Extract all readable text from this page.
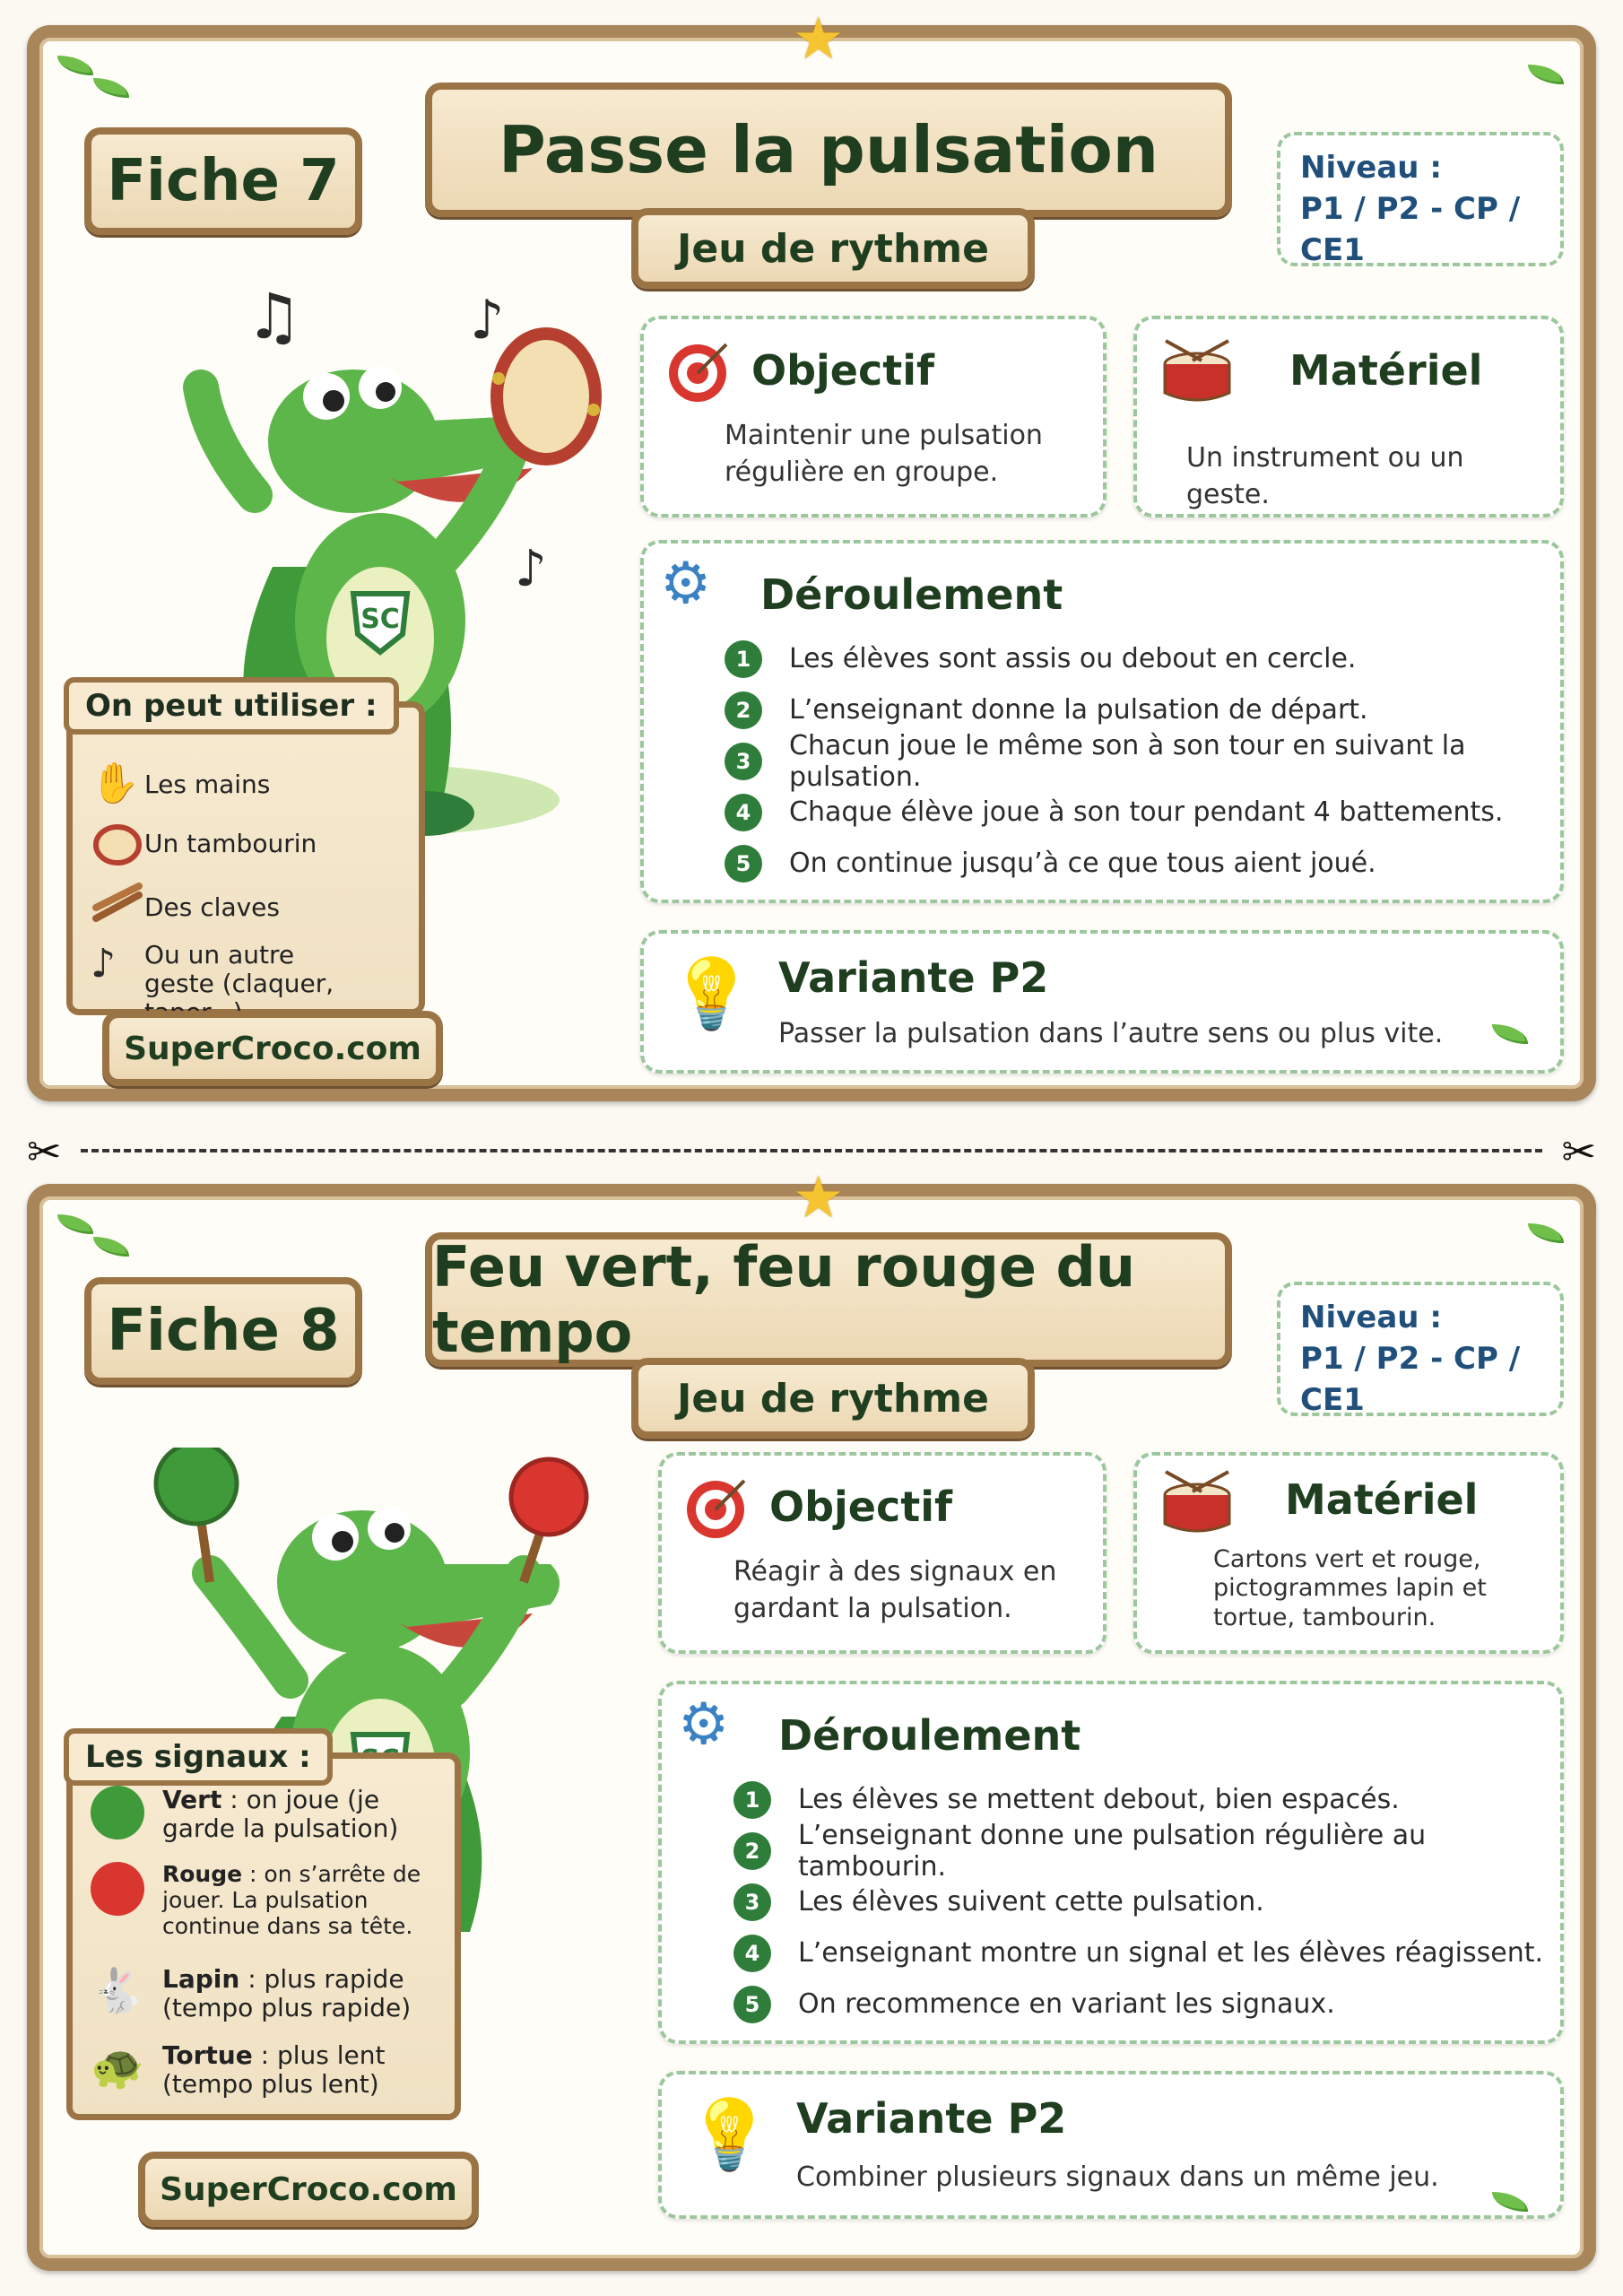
★
Fiche 7	Passe la pulsation
Jeu de rythme
Niveau :
P1 / P2 - CP / CE1
SC
♫	♪
♪
On peut utiliser :
✋ Les mains
Un tambourin
Des claves
♪	Ou un autre geste (claquer,
SuperCroco.com
Objectif
Maintenir une pulsation régulière en groupe.
Matériel
Un instrument ou un geste.
⚙ Déroulement
1	Les élèves sont assis ou debout en cercle.
2	L’enseignant donne la pulsation de départ.
3	Chacun joue le même son à son tour en suivant la pulsation.
4	Chaque élève joue à son tour pendant 4 battements.
5	On continue jusqu’à ce que tous aient joué.
💡 Variante P2
Passer la pulsation dans l’autre sens ou plus vite.
✂	✂
★
Fiche 8
Feu vert, feu rouge du tempo
Jeu de rythme
Niveau :
P1 / P2 - CP / CE1
Les signaux :
Vert : on joue (je garde la pulsation)
Rouge : on s’arrête de jouer. La pulsation continue dans sa tête.
🐇 Lapin : plus rapide (tempo plus rapide)
🐢 Tortue : plus lent (tempo plus lent)
SuperCroco.com
Objectif
Réagir à des signaux en gardant la pulsation.
Matériel
Cartons vert et rouge, pictogrammes lapin et tortue, tambourin.
⚙ Déroulement
1	Les élèves se mettent debout, bien espacés.
2	L’enseignant donne une pulsation régulière au tambourin.
3	Les élèves suivent cette pulsation.
4	L’enseignant montre un signal et les élèves réagissent.
5	On recommence en variant les signaux.
💡 Variante P2
Combiner plusieurs signaux dans un même jeu.
